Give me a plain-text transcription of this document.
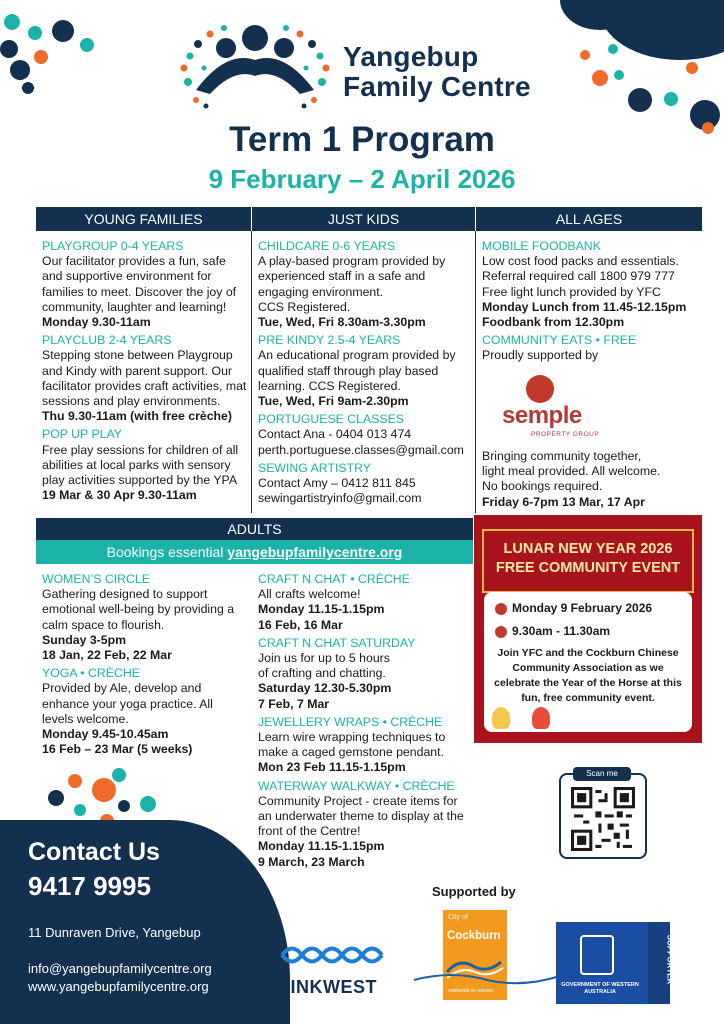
Yangebup
Family Centre
Term 1 Program
9 February – 2 April 2026
YOUNG FAMILIES	JUST KIDS	ALL AGES
PLAYGROUP 0-4 YEARS
Our facilitator provides a fun, safe
and supportive environment for
families to meet. Discover the joy of
community, laughter and learning!
Monday 9.30-11am
PLAYCLUB 2-4 YEARS
Stepping stone between Playgroup
and Kindy with parent support. Our
facilitator provides craft activities, mat
sessions and play environments.
Thu 9.30-11am (with free crèche)
POP UP PLAY
Free play sessions for children of all
abilities at local parks with sensory
play activities supported by the YPA
19 Mar & 30 Apr 9.30-11am
CHILDCARE 0-6 YEARS
A play-based program provided by
experienced staff in a safe and
engaging environment.
CCS Registered.
Tue, Wed, Fri 8.30am-3.30pm
PRE KINDY 2.5-4 YEARS
An educational program provided by
qualified staff through play based
learning. CCS Registered.
Tue, Wed, Fri 9am-2.30pm
PORTUGUESE CLASSES
Contact Ana - 0404 013 474
perth.portuguese.classes@gmail.com
SEWING ARTISTRY
Contact Amy – 0412 811 845
sewingartistryinfo@gmail.com
MOBILE FOODBANK
Low cost food packs and essentials.
Referral required call 1800 979 777
Free light lunch provided by YFC
Monday Lunch from 11.45-12.15pm
Foodbank from 12.30pm
COMMUNITY EATS • FREE
Proudly supported by
semple
PROPERTY GROUP
Bringing community together,
light meal provided. All welcome.
No bookings required.
Friday 6-7pm 13 Mar, 17 Apr
ADULTS
Bookings essential yangebupfamilycentre.org
WOMEN’S CIRCLE
Gathering designed to support
emotional well-being by providing a
calm space to flourish.
Sunday 3-5pm
18 Jan, 22 Feb, 22 Mar
YOGA • CRÈCHE
Provided by Ale, develop and
enhance your yoga practice. All
levels welcome.
Monday 9.45-10.45am
16 Feb – 23 Mar (5 weeks)
CRAFT N CHAT • CRÈCHE
All crafts welcome!
Monday 11.15-1.15pm
16 Feb, 16 Mar
CRAFT N CHAT SATURDAY
Join us for up to 5 hours
of crafting and chatting.
Saturday 12.30-5.30pm
7 Feb, 7 Mar
JEWELLERY WRAPS • CRÈCHE
Learn wire wrapping techniques to
make a caged gemstone pendant.
Mon 23 Feb 11.15-1.15pm
WATERWAY WALKWAY • CRÈCHE
Community Project - create items for
an underwater theme to display at the
front of the Centre!
Monday 11.15-1.15pm
9 March, 23 March
LUNAR NEW YEAR 2026
FREE COMMUNITY EVENT
Monday 9 February 2026
9.30am - 11.30am
Join YFC and the Cockburn Chinese Community Association as we celebrate the Year of the Horse at this fun, free community event.
Scan me
Contact Us
9417 9995
11 Dunraven Drive, Yangebup
info@yangebupfamilycentre.org
www.yangebupfamilycentre.org
Supported by
LINKWEST
City of
Cockburn
wetlands to waves
GOVERNMENT OF WESTERN AUSTRALIA
SUPPORTER
